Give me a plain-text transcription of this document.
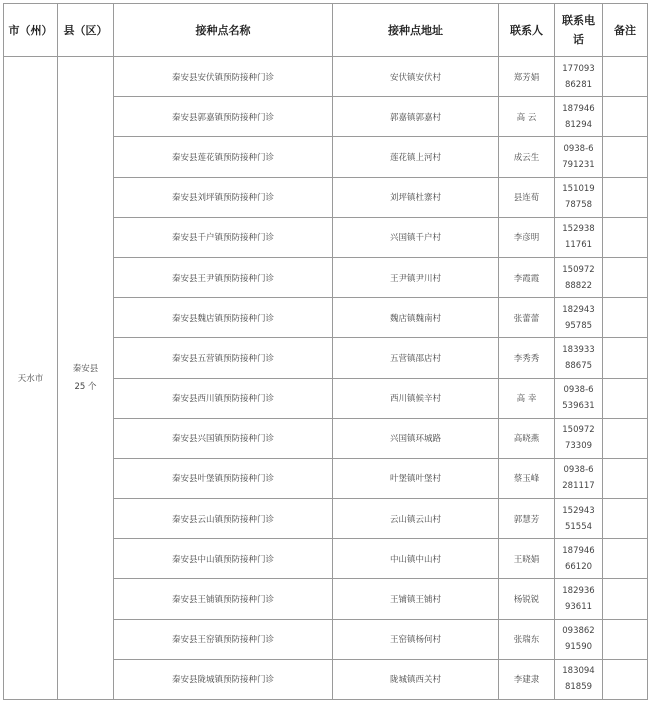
市（州）	县（区）	接种点名称	接种点地址	联系人	联系电
话	备注
天水市	秦安县
25 个	秦安县安伏镇预防接种门诊	安伏镇安伏村	郑芳娟	177093
86281	
		秦安县郭嘉镇预防接种门诊	郭嘉镇郭嘉村	高 云	187946
81294	
		秦安县莲花镇预防接种门诊	莲花镇上河村	成云生	0938-6
791231	
		秦安县刘坪镇预防接种门诊	刘坪镇杜寨村	县连荀	151019
78758	
		秦安县千户镇预防接种门诊	兴国镇千户村	李彦明	152938
11761	
		秦安县王尹镇预防接种门诊	王尹镇尹川村	李霞霞	150972
88822	
		秦安县魏店镇预防接种门诊	魏店镇魏南村	张蕾蕾	182943
95785	
		秦安县五营镇预防接种门诊	五营镇邵店村	李秀秀	183933
88675	
		秦安县西川镇预防接种门诊	西川镇候辛村	高 幸	0938-6
539631	
		秦安县兴国镇预防接种门诊	兴国镇环城路	高晓燕	150972
73309	
		秦安县叶堡镇预防接种门诊	叶堡镇叶堡村	蔡玉峰	0938-6
281117	
		秦安县云山镇预防接种门诊	云山镇云山村	郭慧芳	152943
51554	
		秦安县中山镇预防接种门诊	中山镇中山村	王晓娟	187946
66120	
		秦安县王铺镇预防接种门诊	王铺镇王铺村	杨锐锐	182936
93611	
		秦安县王窑镇预防接种门诊	王窑镇杨何村	张瑞东	093862
91590	
		秦安县陇城镇预防接种门诊	陇城镇西关村	李建隶	183094
81859	
